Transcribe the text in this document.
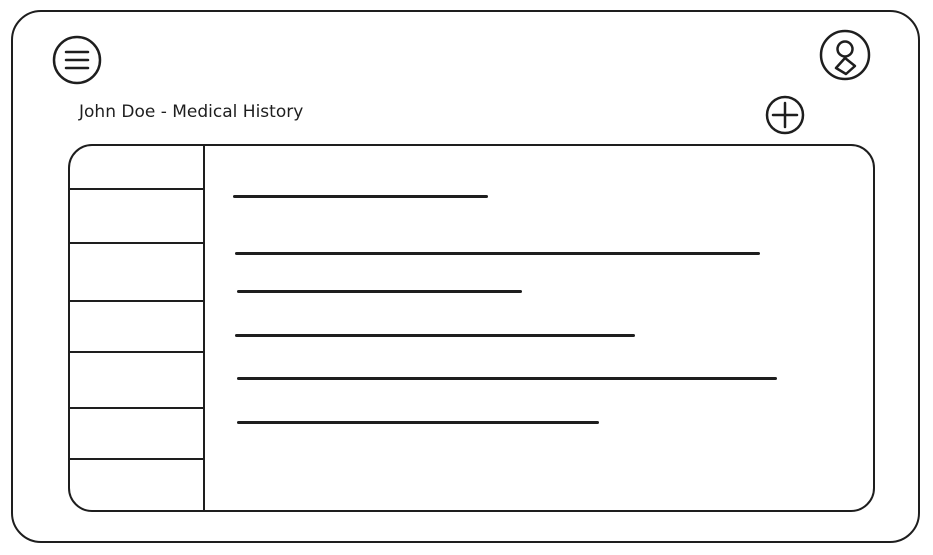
John Doe - Medical History
